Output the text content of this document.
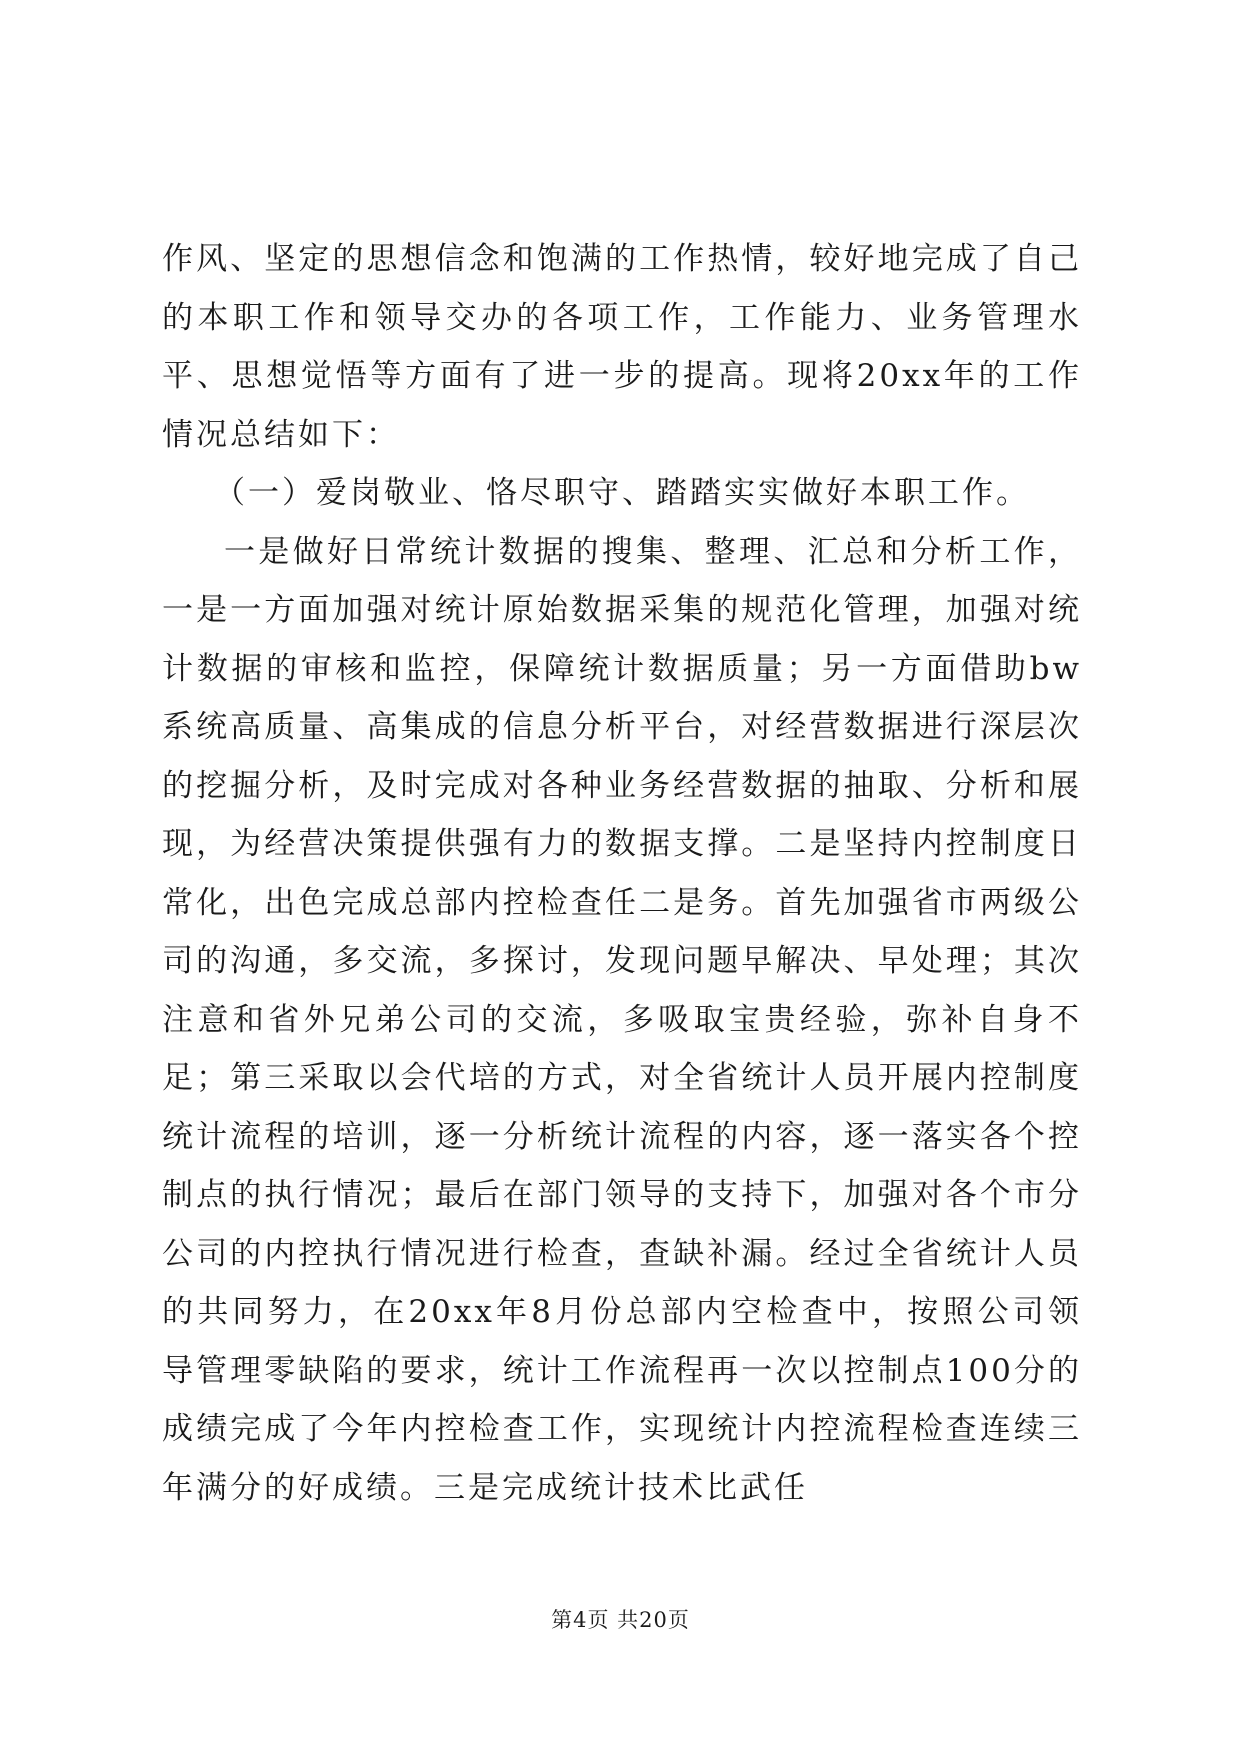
作风、坚定的思想信念和饱满的工作热情，较好地完成了自己的本职工作和领导交办的各项工作，工作能力、业务管理水平、思想觉悟等方面有了进一步的提高。现将20xx年的工作情况总结如下：

（一）爱岗敬业、恪尽职守、踏踏实实做好本职工作。

一是做好日常统计数据的搜集、整理、汇总和分析工作，一是一方面加强对统计原始数据采集的规范化管理，加强对统计数据的审核和监控，保障统计数据质量；另一方面借助bw系统高质量、高集成的信息分析平台，对经营数据进行深层次的挖掘分析，及时完成对各种业务经营数据的抽取、分析和展现，为经营决策提供强有力的数据支撑。二是坚持内控制度日常化，出色完成总部内控检查任二是务。首先加强省市两级公司的沟通，多交流，多探讨，发现问题早解决、早处理；其次注意和省外兄弟公司的交流，多吸取宝贵经验，弥补自身不足；第三采取以会代培的方式，对全省统计人员开展内控制度统计流程的培训，逐一分析统计流程的内容，逐一落实各个控制点的执行情况；最后在部门领导的支持下，加强对各个市分公司的内控执行情况进行检查，查缺补漏。经过全省统计人员的共同努力，在20xx年8月份总部内空检查中，按照公司领导管理零缺陷的要求，统计工作流程再一次以控制点100分的成绩完成了今年内控检查工作，实现统计内控流程检查连续三年满分的好成绩。三是完成统计技术比武任

第4页 共20页
